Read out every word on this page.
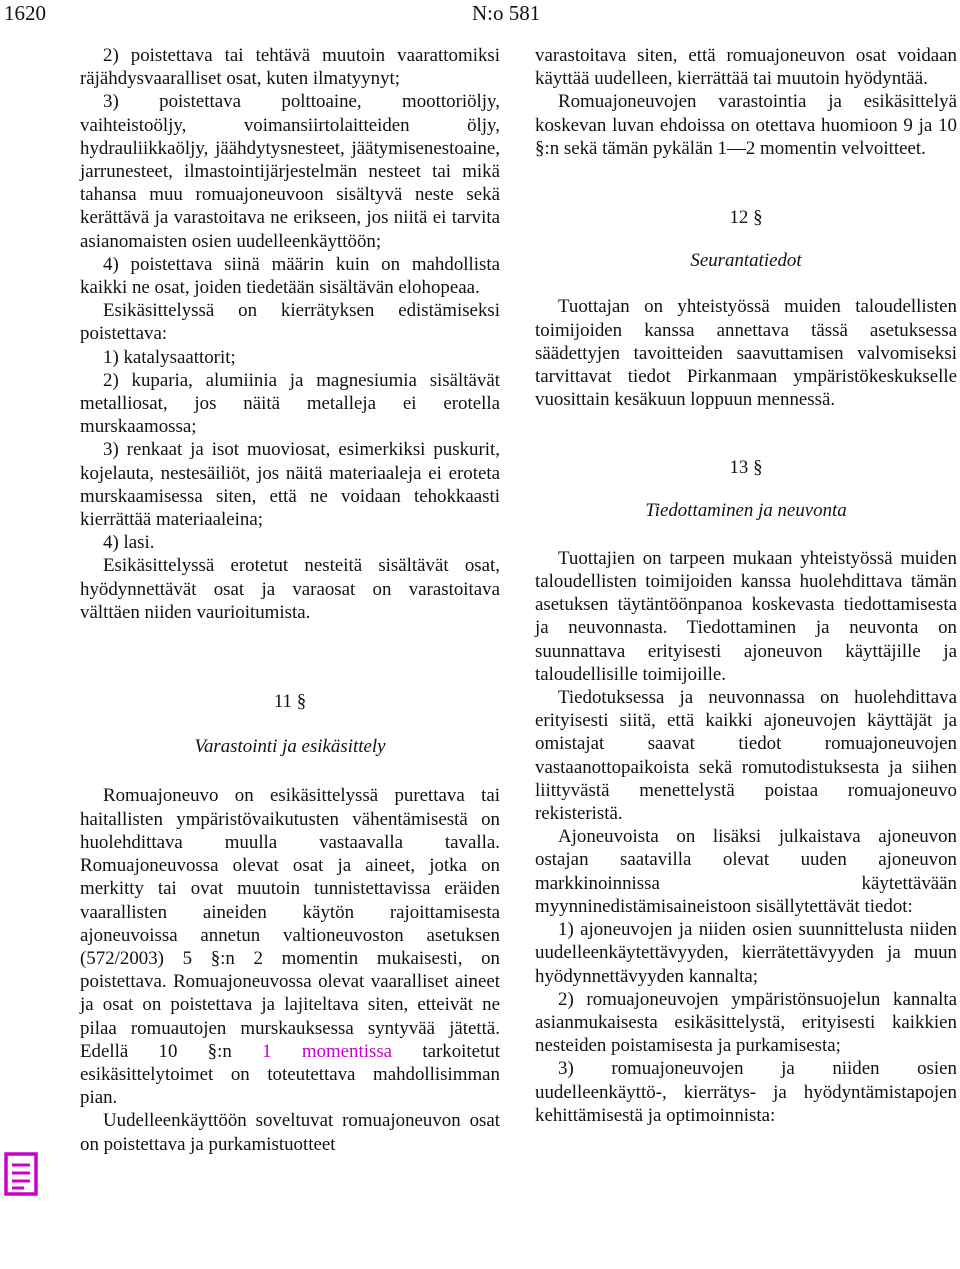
1620	N:o 581

2) poistettava tai tehtävä muutoin vaarattomiksi räjähdysvaaralliset osat, kuten ilmatyynyt;

3) poistettava polttoaine, moottoriöljy, vaihteistoöljy, voimansiirtolaitteiden öljy, hydrauliikkaöljy, jäähdytysnesteet, jäätymisenestoaine, jarrunesteet, ilmastointijärjestelmän nesteet tai mikä tahansa muu romuajoneuvoon sisältyvä neste sekä kerättävä ja varastoitava ne erikseen, jos niitä ei tarvita asianomaisten osien uudelleenkäyttöön;

4) poistettava siinä määrin kuin on mahdollista kaikki ne osat, joiden tiedetään sisältävän elohopeaa.

Esikäsittelyssä on kierrätyksen edistämiseksi poistettava:

1) katalysaattorit;

2) kuparia, alumiinia ja magnesiumia sisältävät metalliosat, jos näitä metalleja ei erotella murskaamossa;

3) renkaat ja isot muoviosat, esimerkiksi puskurit, kojelauta, nestesäiliöt, jos näitä materiaaleja ei eroteta murskaamisessa siten, että ne voidaan tehokkaasti kierrättää materiaaleina;

4) lasi.

Esikäsittelyssä erotetut nesteitä sisältävät osat, hyödynnettävät osat ja varaosat on varastoitava välttäen niiden vaurioitumista.

11 §

Varastointi ja esikäsittely

Romuajoneuvo on esikäsittelyssä purettava tai haitallisten ympäristövaikutusten vähentämisestä on huolehdittava muulla vastaavalla tavalla. Romuajoneuvossa olevat osat ja aineet, jotka on merkitty tai ovat muutoin tunnistettavissa eräiden vaarallisten aineiden käytön rajoittamisesta ajoneuvoissa annetun valtioneuvoston asetuksen (572/2003) 5 §:n 2 momentin mukaisesti, on poistettava. Romuajoneuvossa olevat vaaralliset aineet ja osat on poistettava ja lajiteltava siten, etteivät ne pilaa romuautojen murskauksessa syntyvää jätettä. Edellä 10 §:n 1 momentissa tarkoitetut esikäsittelytoimet on toteutettava mahdollisimman pian.

Uudelleenkäyttöön soveltuvat romuajoneuvon osat on poistettava ja purkamistuotteet

varastoitava siten, että romuajoneuvon osat voidaan käyttää uudelleen, kierrättää tai muutoin hyödyntää.

Romuajoneuvojen varastointia ja esikäsittelyä koskevan luvan ehdoissa on otettava huomioon 9 ja 10 §:n sekä tämän pykälän 1—2 momentin velvoitteet.

12 §

Seurantatiedot

Tuottajan on yhteistyössä muiden taloudellisten toimijoiden kanssa annettava tässä asetuksessa säädettyjen tavoitteiden saavuttamisen valvomiseksi tarvittavat tiedot Pirkanmaan ympäristökeskukselle vuosittain kesäkuun loppuun mennessä.

13 §

Tiedottaminen ja neuvonta

Tuottajien on tarpeen mukaan yhteistyössä muiden taloudellisten toimijoiden kanssa huolehdittava tämän asetuksen täytäntöönpanoa koskevasta tiedottamisesta ja neuvonnasta. Tiedottaminen ja neuvonta on suunnattava erityisesti ajoneuvon käyttäjille ja taloudellisille toimijoille.

Tiedotuksessa ja neuvonnassa on huolehdittava erityisesti siitä, että kaikki ajoneuvojen käyttäjät ja omistajat saavat tiedot romuajoneuvojen vastaanottopaikoista sekä romutodistuksesta ja siihen liittyvästä menettelystä poistaa romuajoneuvo rekisteristä.

Ajoneuvoista on lisäksi julkaistava ajoneuvon ostajan saatavilla olevat uuden ajoneuvon markkinoinnissa käytettävään myynninedistämisaineistoon sisällytettävät tiedot:

1) ajoneuvojen ja niiden osien suunnittelusta niiden uudelleenkäytettävyyden, kierrätettävyyden ja muun hyödynnettävyyden kannalta;

2) romuajoneuvojen ympäristönsuojelun kannalta asianmukaisesta esikäsittelystä, erityisesti kaikkien nesteiden poistamisesta ja purkamisesta;

3) romuajoneuvojen ja niiden osien uudelleenkäyttö-, kierrätys- ja hyödyntämistapojen kehittämisestä ja optimoinnista:
